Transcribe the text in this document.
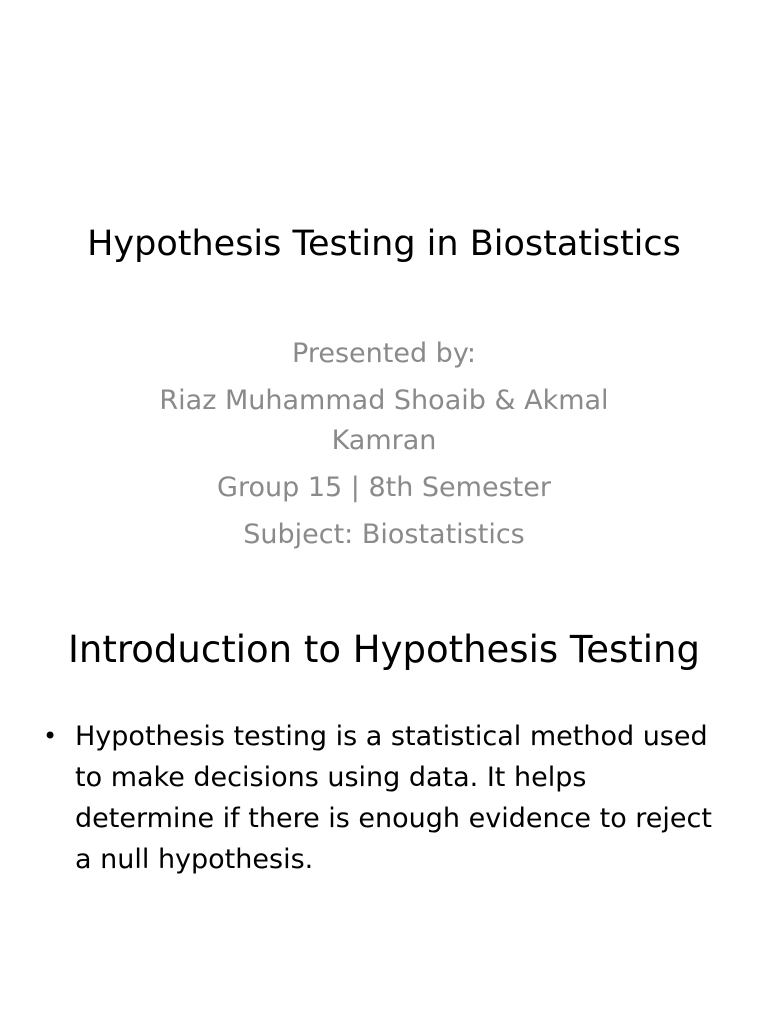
Hypothesis Testing in Biostatistics

Presented by:

Riaz Muhammad Shoaib & Akmal Kamran

Group 15 | 8th Semester

Subject: Biostatistics

Introduction to Hypothesis Testing
• Hypothesis testing is a statistical method used to make decisions using data. It helps determine if there is enough evidence to reject a null hypothesis.
